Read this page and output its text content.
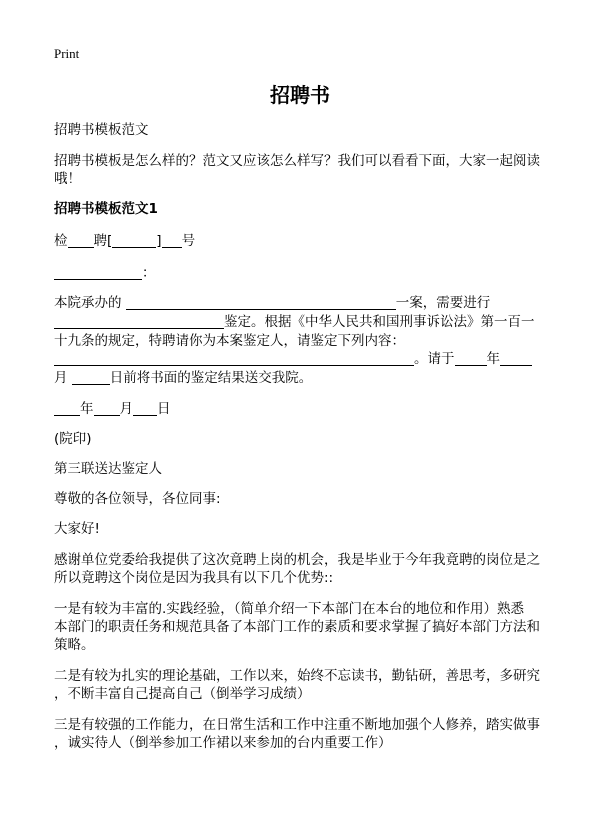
Print
招聘书
招聘书模板范文
招聘书模板是怎么样的？范文又应该怎么样写？我们可以看看下面，大家一起阅读
哦！
招聘书模板范文1
检 聘[	] 号
：
本院承办的	一案，需要进行
鉴定。根据《中华人民共和国刑事诉讼法》第一百一
十九条的规定，特聘请你为本案鉴定人，请鉴定下列内容：
。请于 年
月	日前将书面的鉴定结果送交我院。
年 月 日
(院印)
第三联送达鉴定人
尊敬的各位领导，各位同事:
大家好!
感谢单位党委给我提供了这次竟聘上岗的机会，我是毕业于今年我竟聘的岗位是之
所以竟聘这个岗位是因为我具有以下几个优势::
一是有较为丰富的.实践经验，（简单介绍一下本部门在本台的地位和作用）熟悉
本部门的职责任务和规范具备了本部门工作的素质和要求掌握了搞好本部门方法和
策略。
二是有较为扎实的理论基础，工作以来，始终不忘读书，勤钻研，善思考，多研究
，不断丰富自己提高自己（倒举学习成绩）
三是有较强的工作能力，在日常生活和工作中注重不断地加强个人修养，踏实做事
，诚实待人（倒举参加工作裙以来参加的台内重要工作）
